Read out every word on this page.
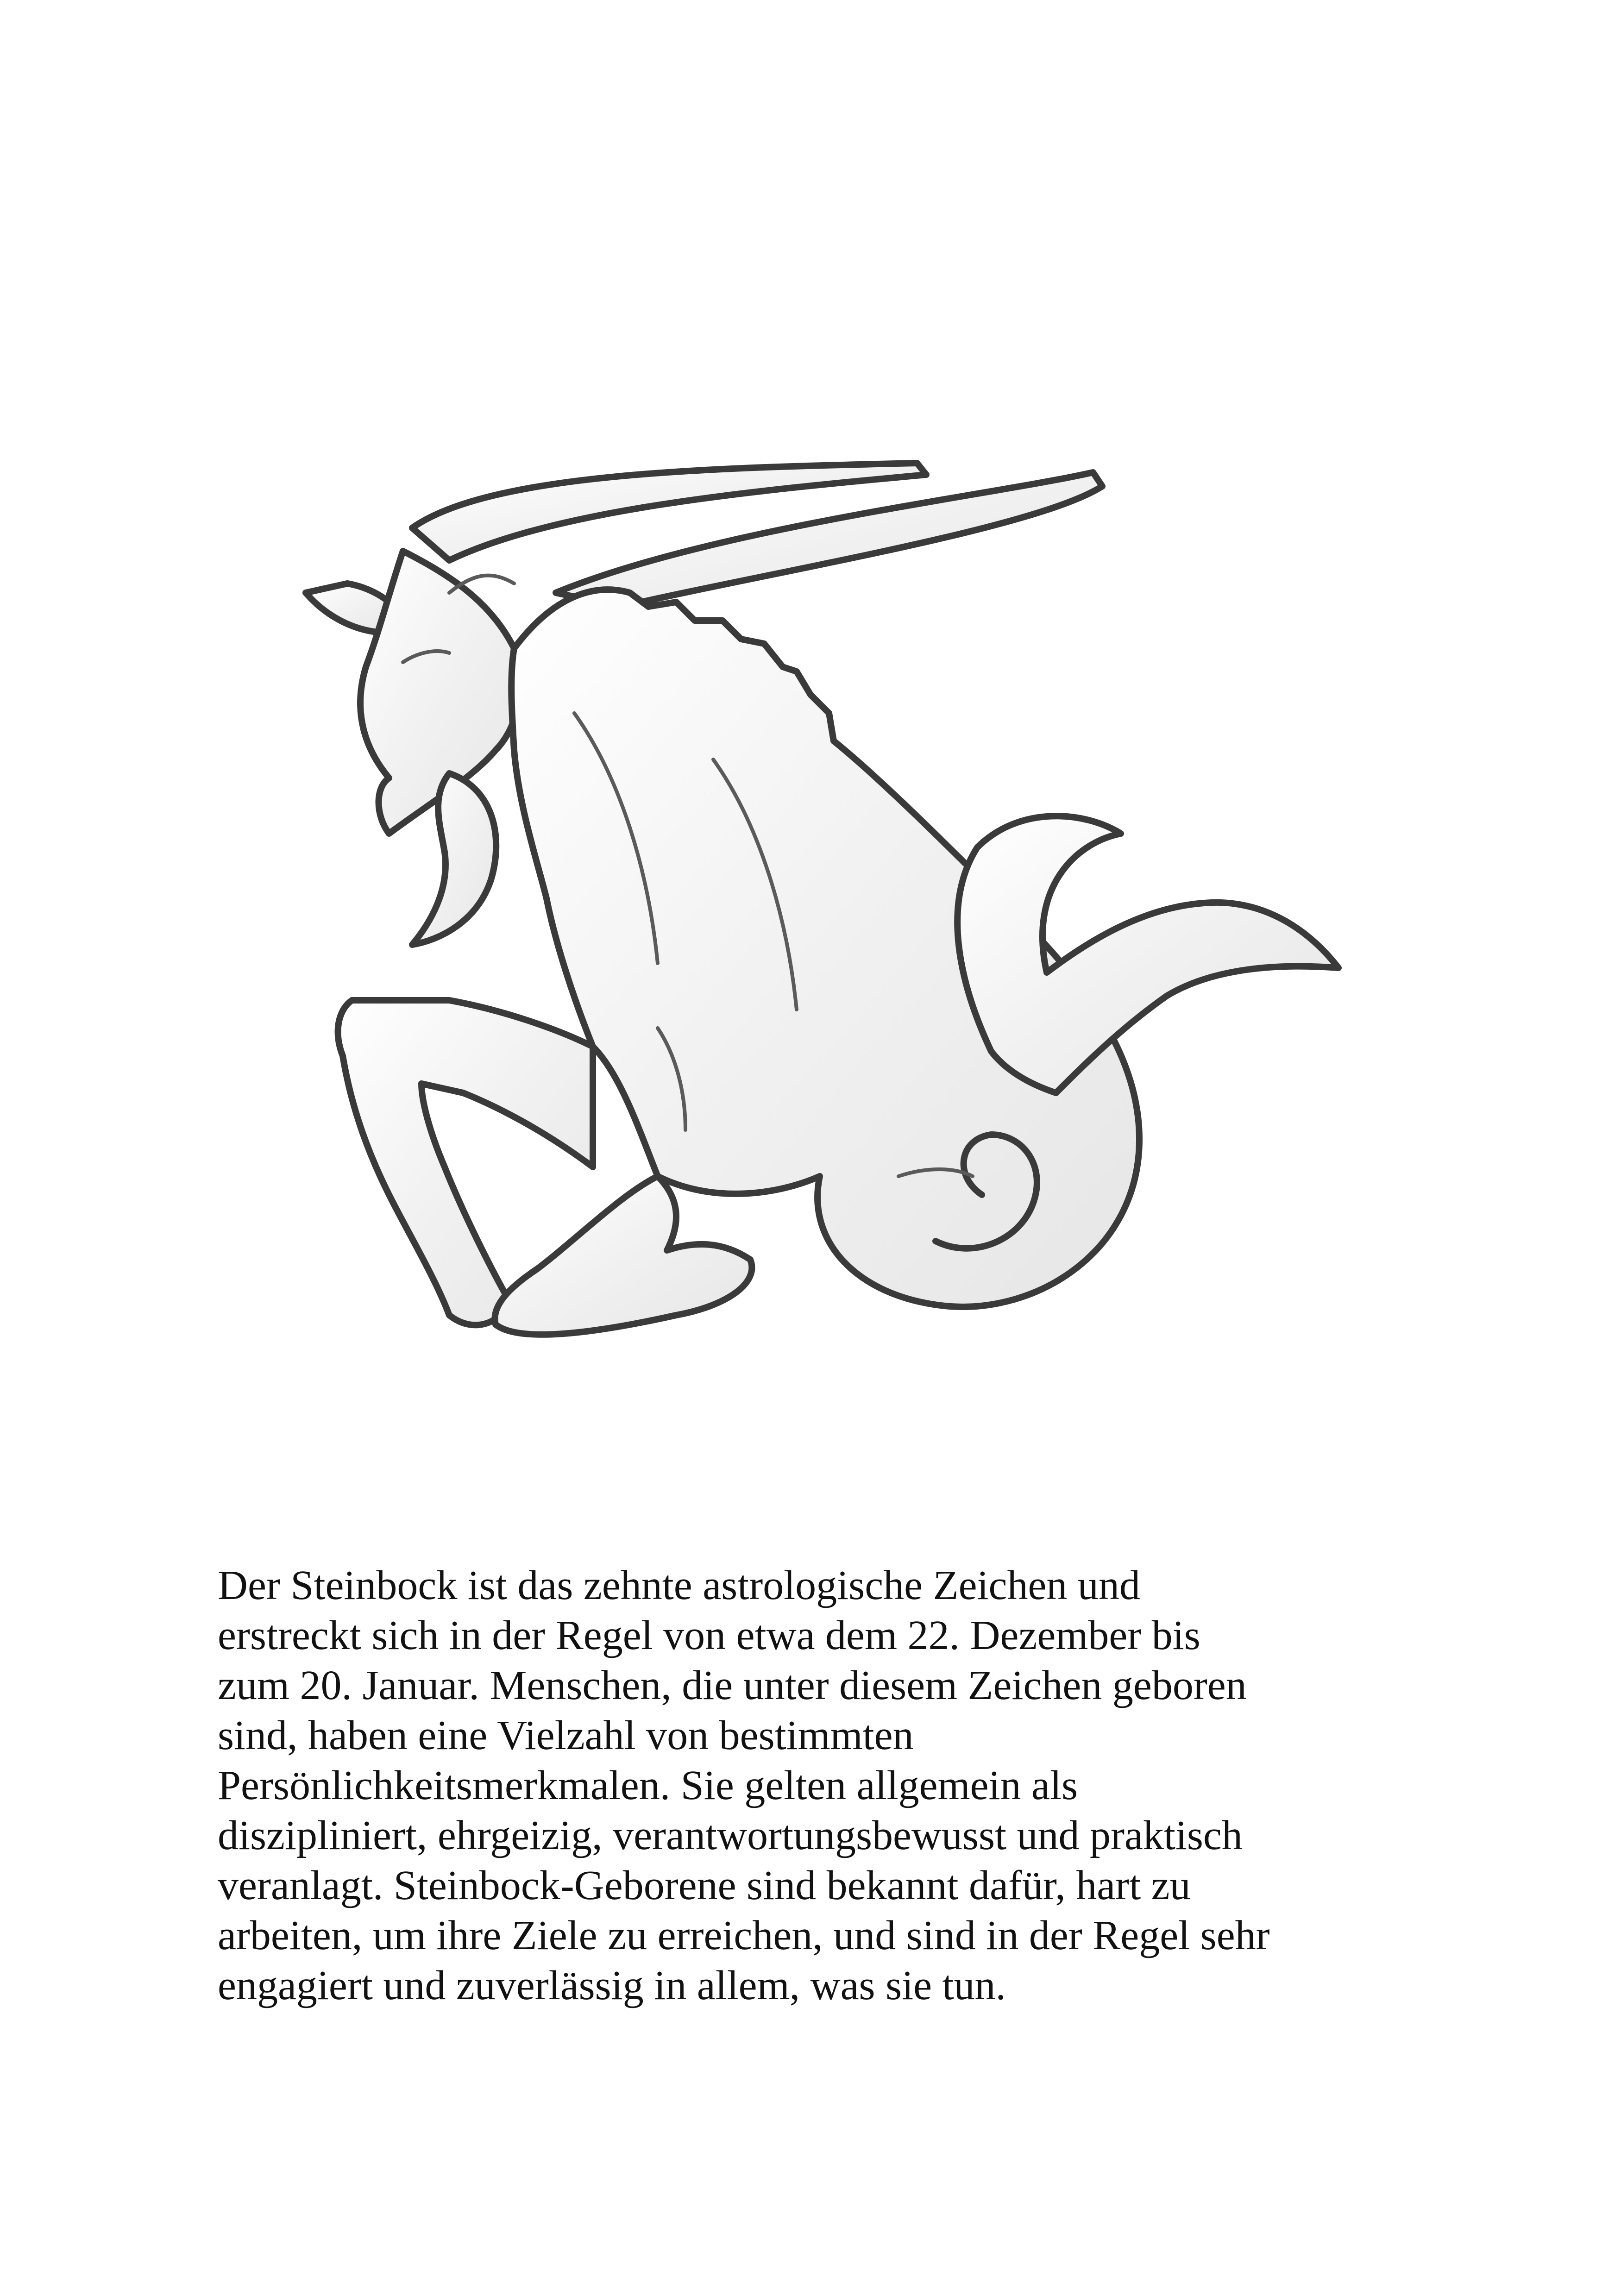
Der Steinbock ist das zehnte astrologische Zeichen und
erstreckt sich in der Regel von etwa dem 22. Dezember bis
zum 20. Januar. Menschen, die unter diesem Zeichen geboren
sind, haben eine Vielzahl von bestimmten
Persönlichkeitsmerkmalen. Sie gelten allgemein als
diszipliniert, ehrgeizig, verantwortungsbewusst und praktisch
veranlagt. Steinbock-Geborene sind bekannt dafür, hart zu
arbeiten, um ihre Ziele zu erreichen, und sind in der Regel sehr
engagiert und zuverlässig in allem, was sie tun.
